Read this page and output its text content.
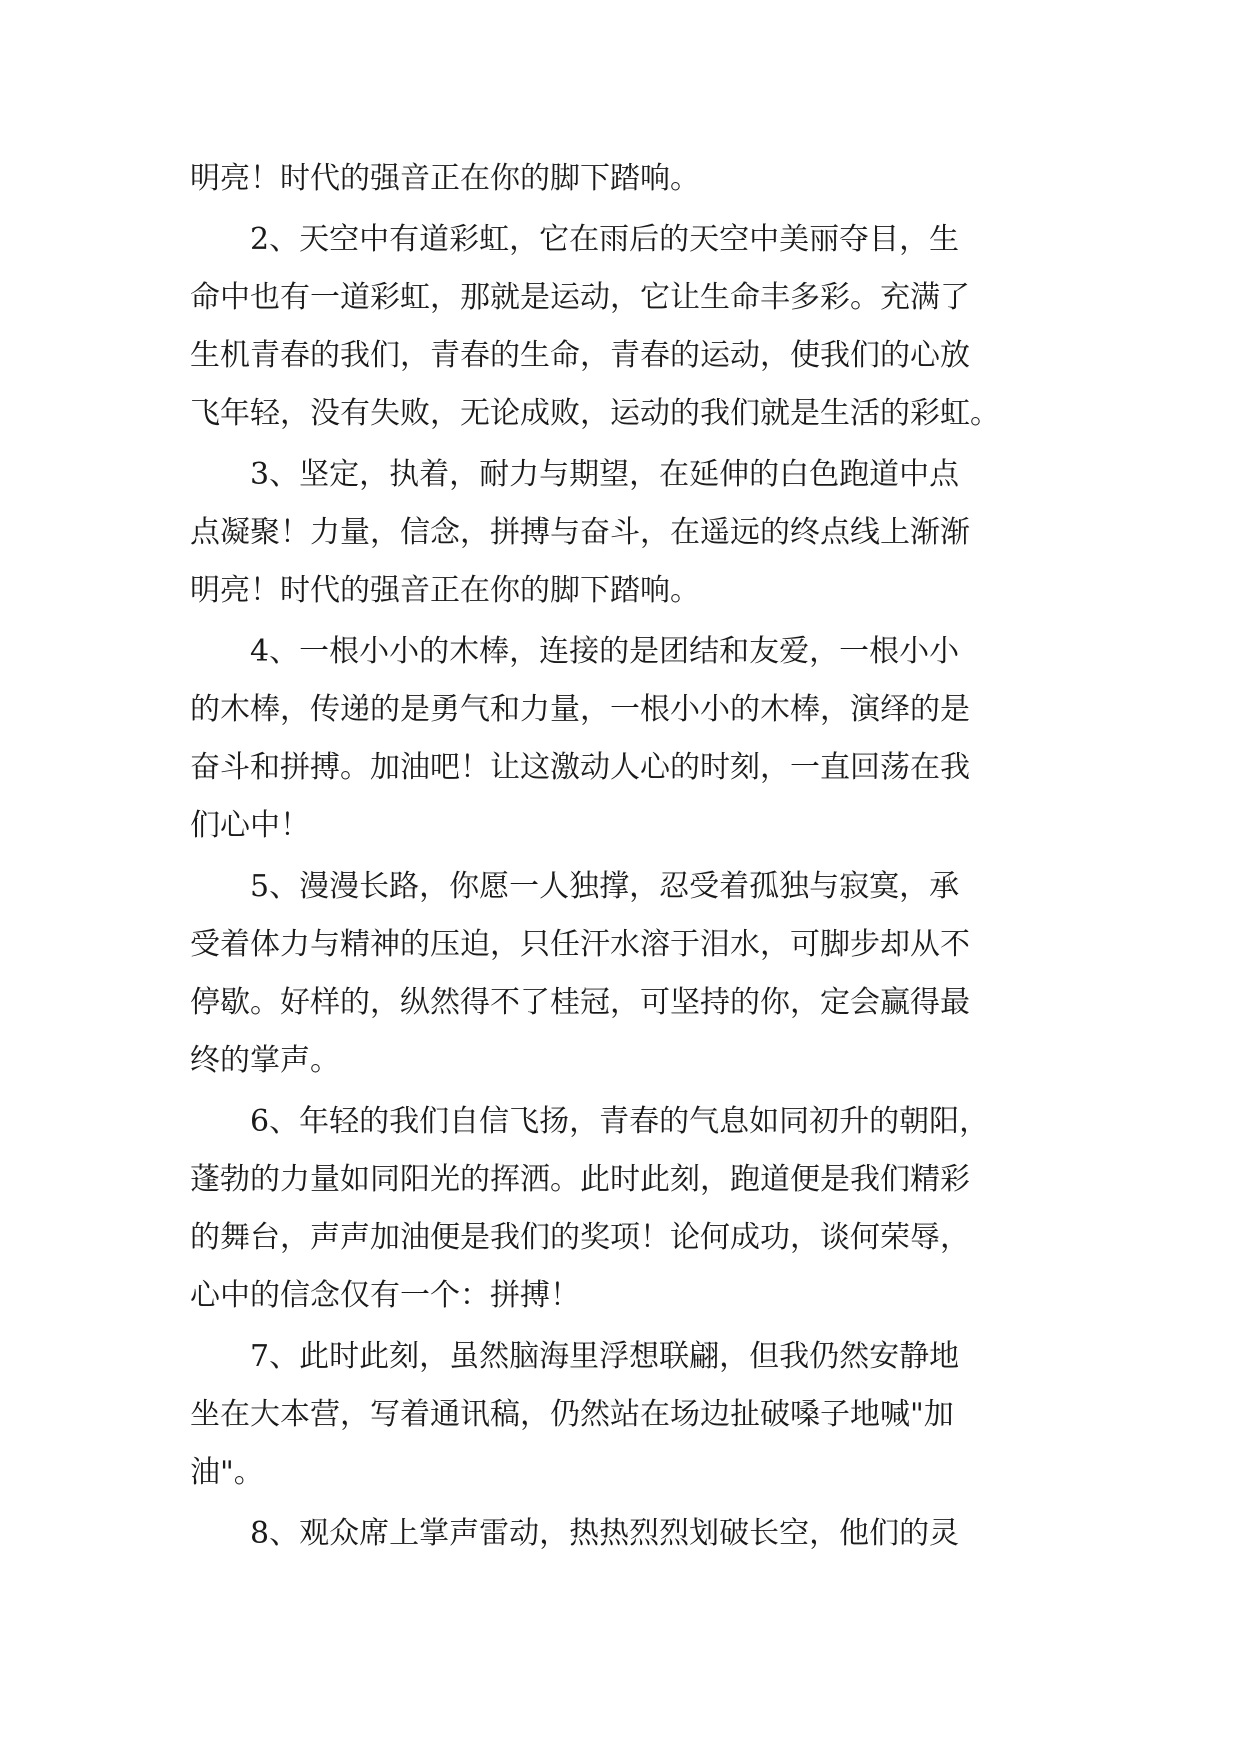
明亮！时代的强音正在你的脚下踏响。
2、天空中有道彩虹，它在雨后的天空中美丽夺目，生
命中也有一道彩虹，那就是运动，它让生命丰多彩。充满了
生机青春的我们，青春的生命，青春的运动，使我们的心放
飞年轻，没有失败，无论成败，运动的我们就是生活的彩虹。
3、坚定，执着，耐力与期望，在延伸的白色跑道中点
点凝聚！力量，信念，拼搏与奋斗，在遥远的终点线上渐渐
明亮！时代的强音正在你的脚下踏响。
4、一根小小的木棒，连接的是团结和友爱，一根小小
的木棒，传递的是勇气和力量，一根小小的木棒，演绎的是
奋斗和拼搏。加油吧！让这激动人心的时刻，一直回荡在我
们心中！
5、漫漫长路，你愿一人独撑，忍受着孤独与寂寞，承
受着体力与精神的压迫，只任汗水溶于泪水，可脚步却从不
停歇。好样的，纵然得不了桂冠，可坚持的你，定会赢得最
终的掌声。
6、年轻的我们自信飞扬，青春的气息如同初升的朝阳，
蓬勃的力量如同阳光的挥洒。此时此刻，跑道便是我们精彩
的舞台，声声加油便是我们的奖项！论何成功，谈何荣辱，
心中的信念仅有一个：拼搏！
7、此时此刻，虽然脑海里浮想联翩，但我仍然安静地
坐在大本营，写着通讯稿，仍然站在场边扯破嗓子地喊"加
油"。
8、观众席上掌声雷动，热热烈烈划破长空，他们的灵
